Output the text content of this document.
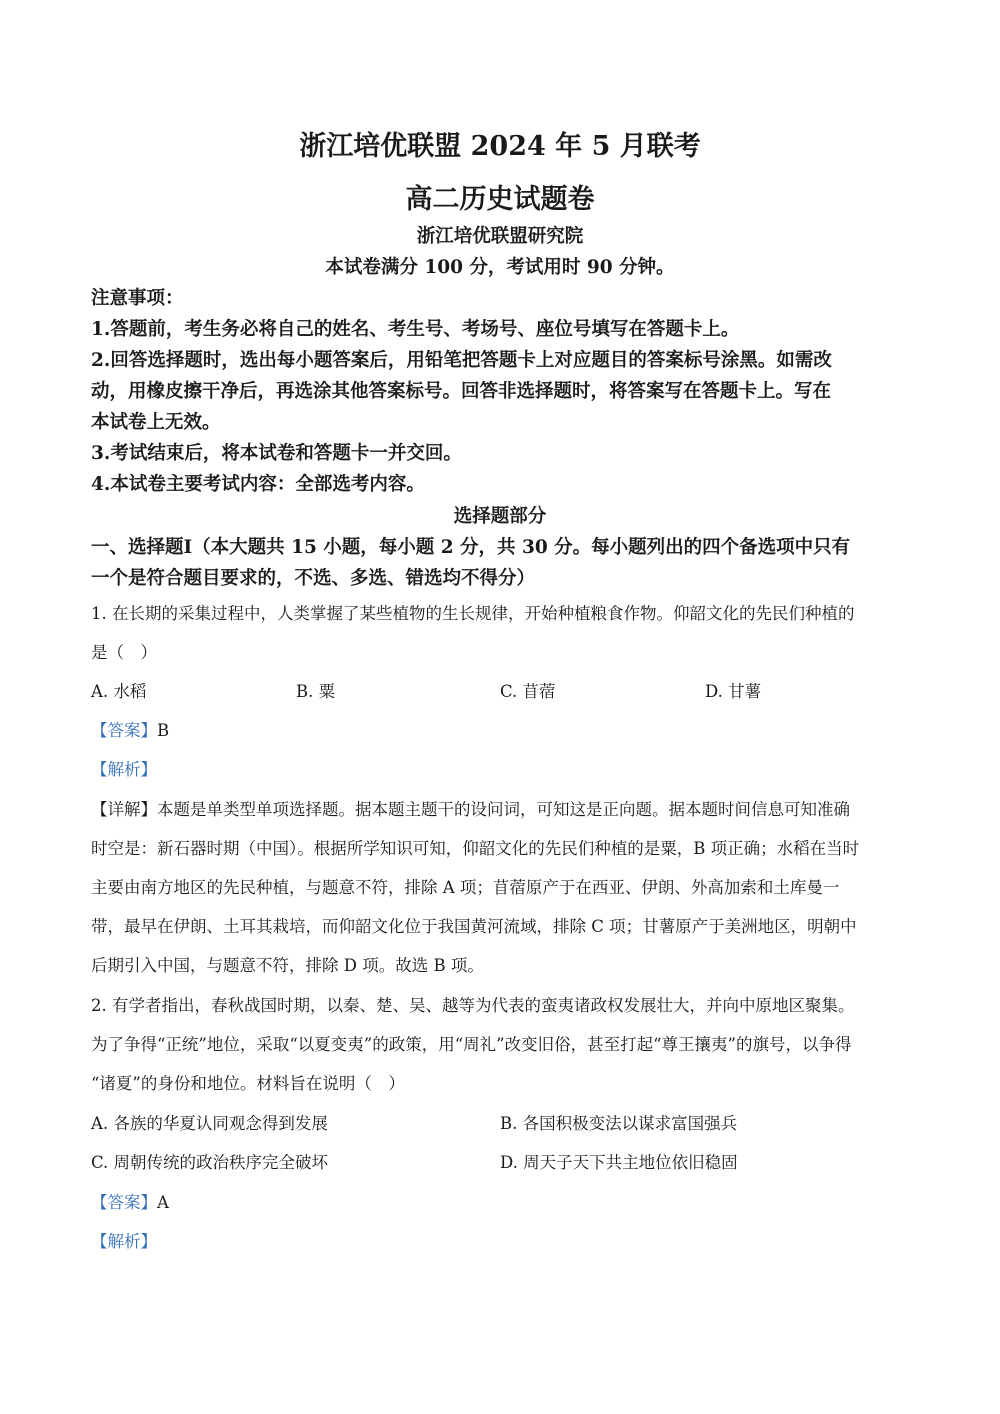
浙江培优联盟 2024 年 5 月联考
高二历史试题卷
浙江培优联盟研究院
本试卷满分 100 分，考试用时 90 分钟。
注意事项：
1.答题前，考生务必将自己的姓名、考生号、考场号、座位号填写在答题卡上。
2.回答选择题时，选出每小题答案后，用铅笔把答题卡上对应题目的答案标号涂黑。如需改
动，用橡皮擦干净后，再选涂其他答案标号。回答非选择题时，将答案写在答题卡上。写在
本试卷上无效。
3.考试结束后，将本试卷和答题卡一并交回。
4.本试卷主要考试内容：全部选考内容。
选择题部分
一、选择题I（本大题共 15 小题，每小题 2 分，共 30 分。每小题列出的四个备选项中只有
一个是符合题目要求的，不选、多选、错选均不得分）
1. 在长期的采集过程中，人类掌握了某些植物的生长规律，开始种植粮食作物。仰韶文化的先民们种植的
是（　）
A. 水稻	B. 粟	C. 苜蓿	D. 甘薯
【答案】B
【解析】
【详解】本题是单类型单项选择题。据本题主题干的设问词，可知这是正向题。据本题时间信息可知准确
时空是：新石器时期（中国）。根据所学知识可知，仰韶文化的先民们种植的是粟，B 项正确；水稻在当时
主要由南方地区的先民种植，与题意不符，排除 A 项；苜蓿原产于在西亚、伊朗、外高加索和土库曼一
带，最早在伊朗、土耳其栽培，而仰韶文化位于我国黄河流域，排除 C 项；甘薯原产于美洲地区，明朝中
后期引入中国，与题意不符，排除 D 项。故选 B 项。
2. 有学者指出，春秋战国时期，以秦、楚、吴、越等为代表的蛮夷诸政权发展壮大，并向中原地区聚集。
为了争得“正统”地位，采取“以夏变夷”的政策，用“周礼”改变旧俗，甚至打起“尊王攘夷”的旗号，以争得
“诸夏”的身份和地位。材料旨在说明（　）
A. 各族的华夏认同观念得到发展	B. 各国积极变法以谋求富国强兵
C. 周朝传统的政治秩序完全破坏	D. 周天子天下共主地位依旧稳固
【答案】A
【解析】
